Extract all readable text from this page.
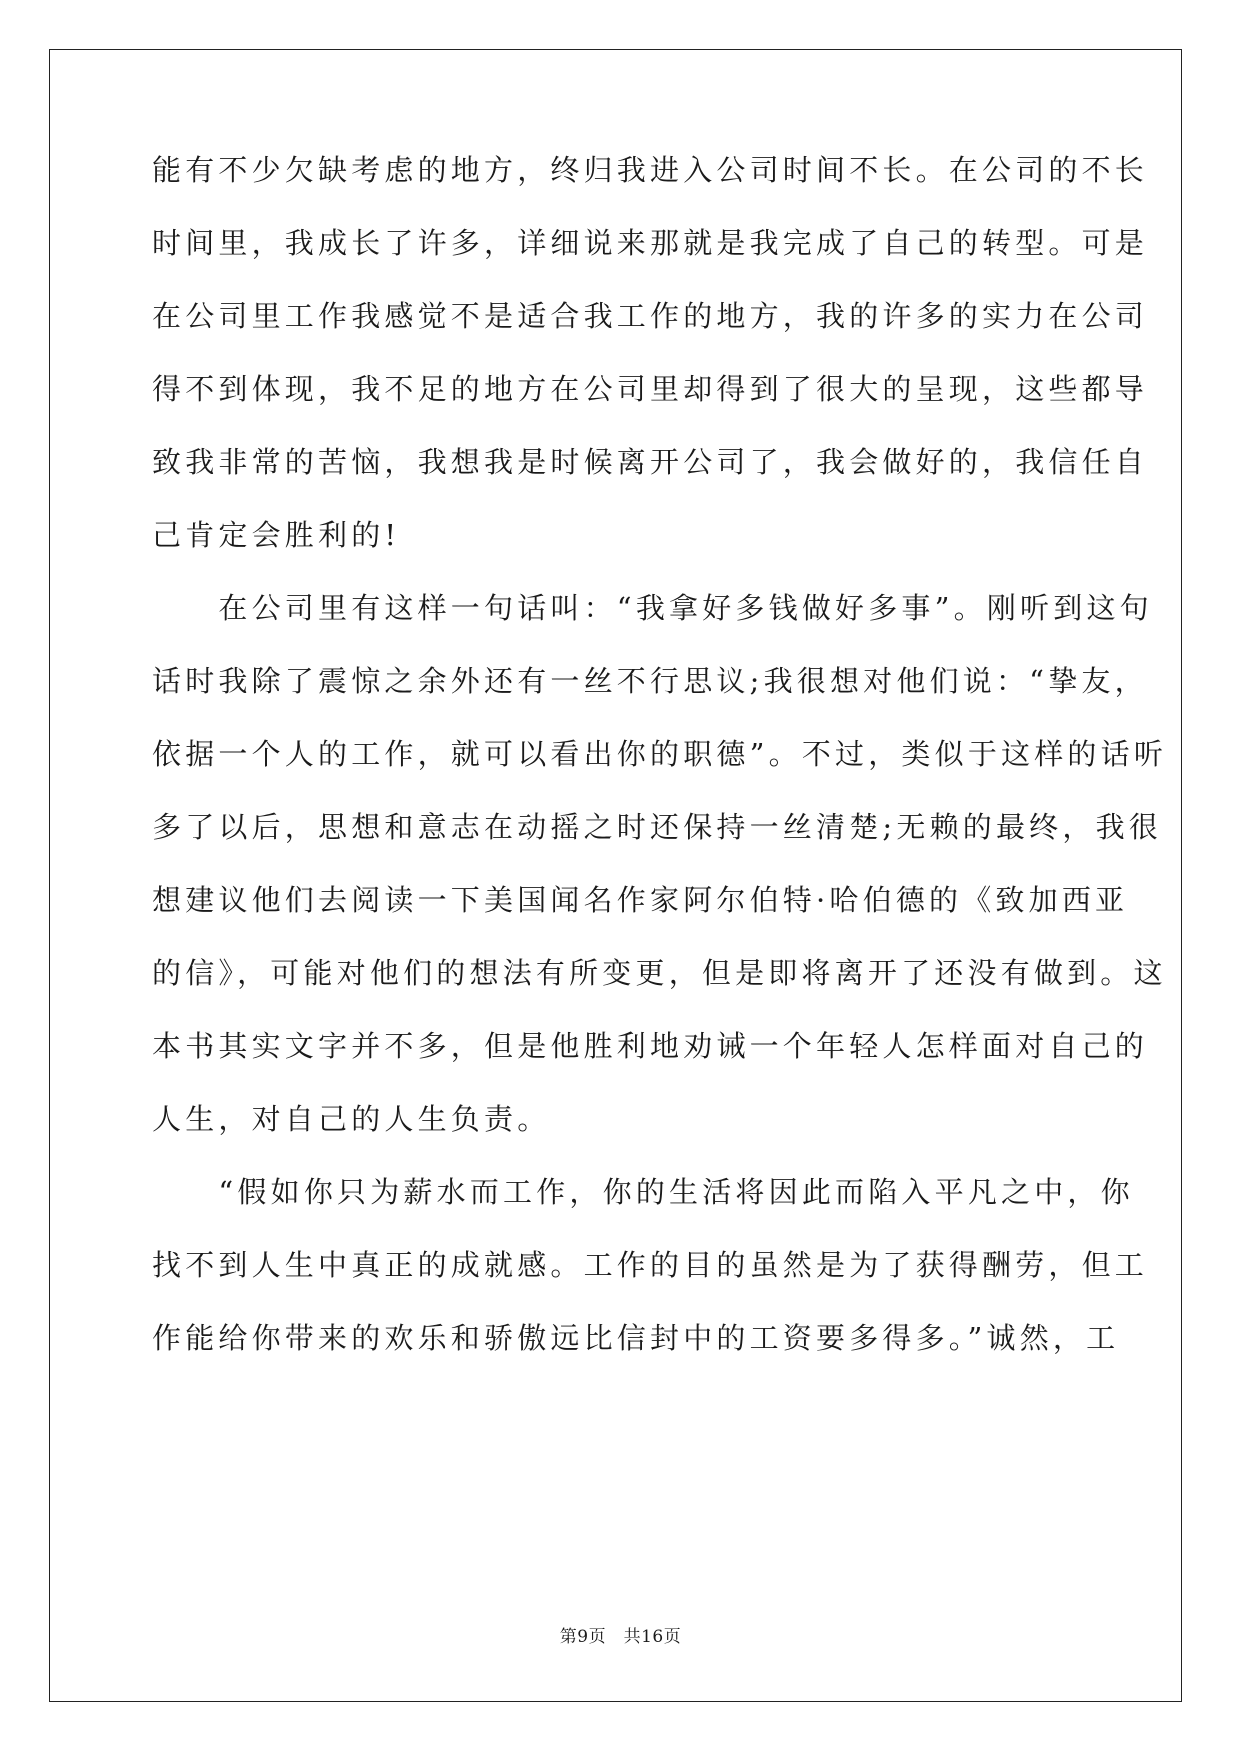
能有不少欠缺考虑的地方，终归我进入公司时间不长。在公司的不长
时间里，我成长了许多，详细说来那就是我完成了自己的转型。可是
在公司里工作我感觉不是适合我工作的地方，我的许多的实力在公司
得不到体现，我不足的地方在公司里却得到了很大的呈现，这些都导
致我非常的苦恼，我想我是时候离开公司了，我会做好的，我信任自
己肯定会胜利的!
　　在公司里有这样一句话叫：“我拿好多钱做好多事”。刚听到这句
话时我除了震惊之余外还有一丝不行思议;我很想对他们说：“挚友，
依据一个人的工作，就可以看出你的职德”。不过，类似于这样的话听
多了以后，思想和意志在动摇之时还保持一丝清楚;无赖的最终，我很
想建议他们去阅读一下美国闻名作家阿尔伯特·哈伯德的《致加西亚
的信》，可能对他们的想法有所变更，但是即将离开了还没有做到。这
本书其实文字并不多，但是他胜利地劝诫一个年轻人怎样面对自己的
人生，对自己的人生负责。
　　“假如你只为薪水而工作，你的生活将因此而陷入平凡之中，你
找不到人生中真正的成就感。工作的目的虽然是为了获得酬劳，但工
作能给你带来的欢乐和骄傲远比信封中的工资要多得多。”诚然，工
第9页　共16页
